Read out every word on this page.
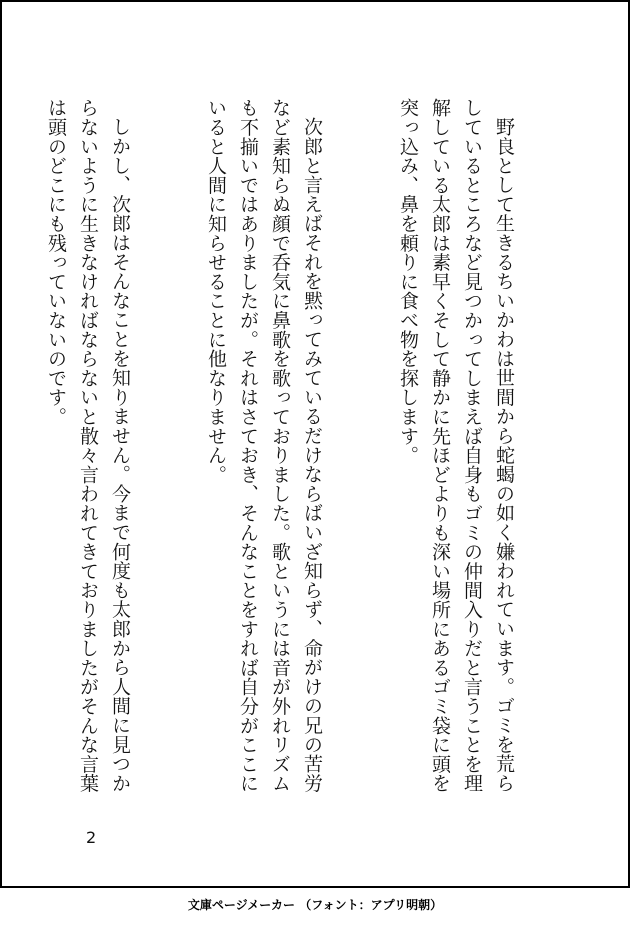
野良として生きるちいかわは世間から蛇蝎の如く嫌われています。ゴミを荒らしているところなど見つかってしまえば自身もゴミの仲間入りだと言うことを理解している太郎は素早くそして静かに先ほどよりも深い場所にあるゴミ袋に頭を突っ込み、鼻を頼りに食べ物を探します。

次郎と言えばそれを黙ってみているだけならばいざ知らず、命がけの兄の苦労など素知らぬ顔で呑気に鼻歌を歌っておりました。歌というには音が外れリズムも不揃いではありましたが。それはさておき、そんなことをすれば自分がここにいると人間に知らせることに他なりません。

しかし、次郎はそんなことを知りません。今まで何度も太郎から人間に見つからないように生きなければならないと散々言われてきておりましたがそんな言葉は頭のどこにも残っていないのです。

2
文庫ページメーカー （フォント：アプリ明朝）
